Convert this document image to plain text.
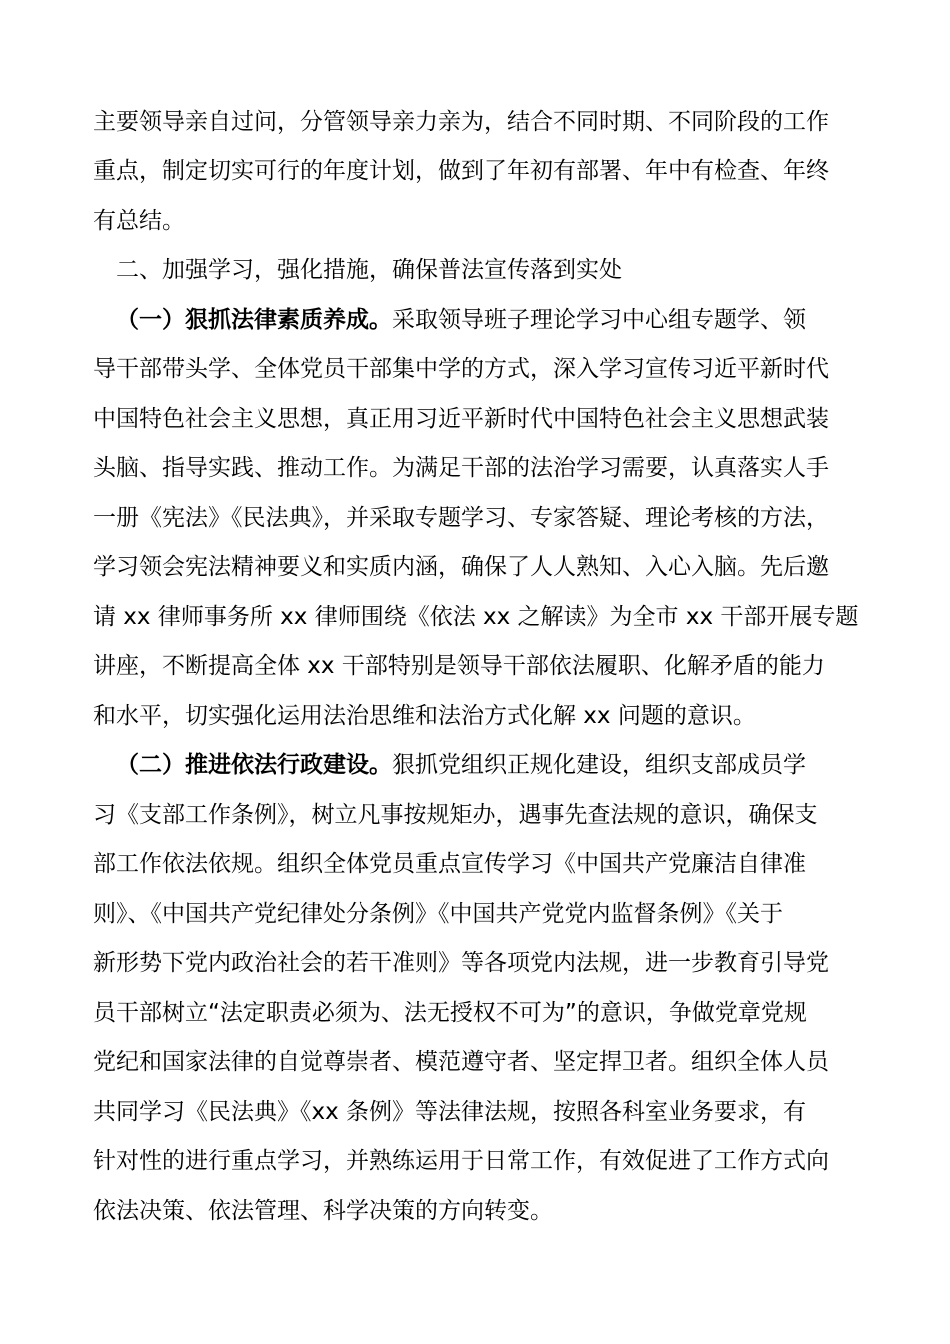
主要领导亲自过问，分管领导亲力亲为，结合不同时期、不同阶段的工作
重点，制定切实可行的年度计划，做到了年初有部署、年中有检查、年终
有总结。
二、加强学习，强化措施，确保普法宣传落到实处
（一）狠抓法律素质养成。采取领导班子理论学习中心组专题学、领
导干部带头学、全体党员干部集中学的方式，深入学习宣传习近平新时代
中国特色社会主义思想，真正用习近平新时代中国特色社会主义思想武装
头脑、指导实践、推动工作。为满足干部的法治学习需要，认真落实人手
一册《宪法》《民法典》，并采取专题学习、专家答疑、理论考核的方法，
学习领会宪法精神要义和实质内涵，确保了人人熟知、入心入脑。先后邀
请 xx 律师事务所 xx 律师围绕《依法 xx 之解读》为全市 xx 干部开展专题
讲座，不断提高全体 xx 干部特别是领导干部依法履职、化解矛盾的能力
和水平，切实强化运用法治思维和法治方式化解 xx 问题的意识。
（二）推进依法行政建设。狠抓党组织正规化建设，组织支部成员学
习《支部工作条例》，树立凡事按规矩办，遇事先查法规的意识，确保支
部工作依法依规。组织全体党员重点宣传学习《中国共产党廉洁自律准
则》、《中国共产党纪律处分条例》《中国共产党党内监督条例》《关于
新形势下党内政治社会的若干准则》等各项党内法规，进一步教育引导党
员干部树立“法定职责必须为、法无授权不可为”的意识，争做党章党规
党纪和国家法律的自觉尊崇者、模范遵守者、坚定捍卫者。组织全体人员
共同学习《民法典》《xx 条例》等法律法规，按照各科室业务要求，有
针对性的进行重点学习，并熟练运用于日常工作，有效促进了工作方式向
依法决策、依法管理、科学决策的方向转变。
